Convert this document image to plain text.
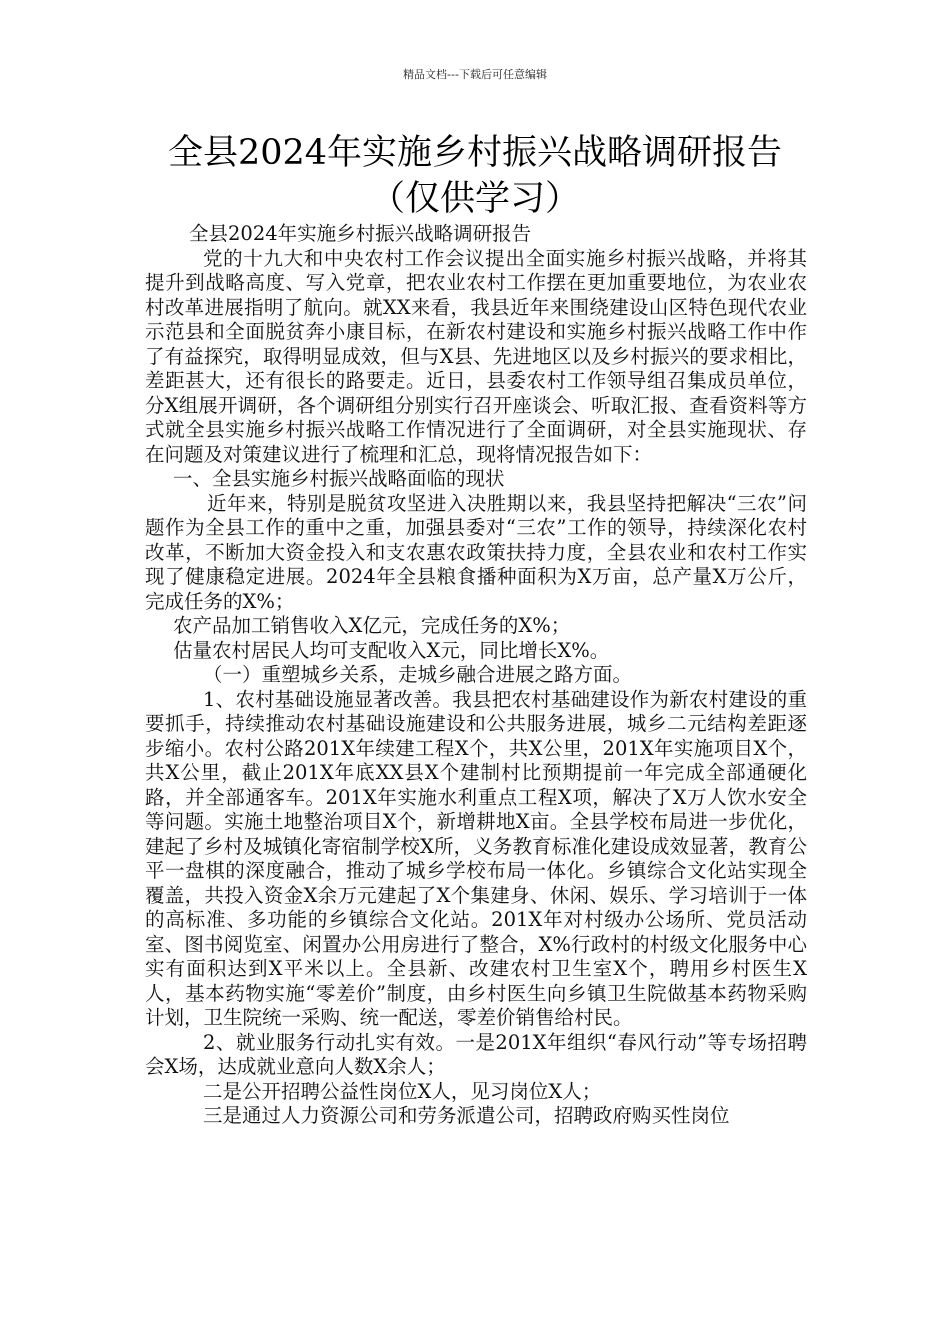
精品文档---下载后可任意编辑
全县2024年实施乡村振兴战略调研报告
（仅供学习）

全县2024年实施乡村振兴战略调研报告

党的十九大和中央农村工作会议提出全面实施乡村振兴战略，并将其提升到战略高度、写入党章，把农业农村工作摆在更加重要地位，为农业农村改革进展指明了航向。就XX来看，我县近年来围绕建设山区特色现代农业示范县和全面脱贫奔小康目标，在新农村建设和实施乡村振兴战略工作中作了有益探究，取得明显成效，但与X县、先进地区以及乡村振兴的要求相比，差距甚大，还有很长的路要走。近日，县委农村工作领导组召集成员单位，分X组展开调研，各个调研组分别实行召开座谈会、听取汇报、查看资料等方式就全县实施乡村振兴战略工作情况进行了全面调研，对全县实施现状、存在问题及对策建议进行了梳理和汇总，现将情况报告如下：

一、全县实施乡村振兴战略面临的现状

近年来，特别是脱贫攻坚进入决胜期以来，我县坚持把解决“三农”问题作为全县工作的重中之重，加强县委对“三农”工作的领导，持续深化农村改革，不断加大资金投入和支农惠农政策扶持力度，全县农业和农村工作实现了健康稳定进展。2024年全县粮食播种面积为X万亩，总产量X万公斤，完成任务的X%；

农产品加工销售收入X亿元，完成任务的X%；

估量农村居民人均可支配收入X元，同比增长X%。

（一）重塑城乡关系，走城乡融合进展之路方面。

1、农村基础设施显著改善。我县把农村基础建设作为新农村建设的重要抓手，持续推动农村基础设施建设和公共服务进展，城乡二元结构差距逐步缩小。农村公路201X年续建工程X个，共X公里，201X年实施项目X个，共X公里，截止201X年底XX县X个建制村比预期提前一年完成全部通硬化路，并全部通客车。201X年实施水利重点工程X项，解决了X万人饮水安全等问题。实施土地整治项目X个，新增耕地X亩。全县学校布局进一步优化，建起了乡村及城镇化寄宿制学校X所，义务教育标准化建设成效显著，教育公平一盘棋的深度融合，推动了城乡学校布局一体化。乡镇综合文化站实现全覆盖，共投入资金X余万元建起了X个集建身、休闲、娱乐、学习培训于一体的高标准、多功能的乡镇综合文化站。201X年对村级办公场所、党员活动室、图书阅览室、闲置办公用房进行了整合，X%行政村的村级文化服务中心实有面积达到X平米以上。全县新、改建农村卫生室X个，聘用乡村医生X人，基本药物实施“零差价”制度，由乡村医生向乡镇卫生院做基本药物采购计划，卫生院统一采购、统一配送，零差价销售给村民。

2、就业服务行动扎实有效。一是201X年组织“春风行动”等专场招聘会X场，达成就业意向人数X余人；

二是公开招聘公益性岗位X人，见习岗位X人；

三是通过人力资源公司和劳务派遣公司，招聘政府购买性岗位
